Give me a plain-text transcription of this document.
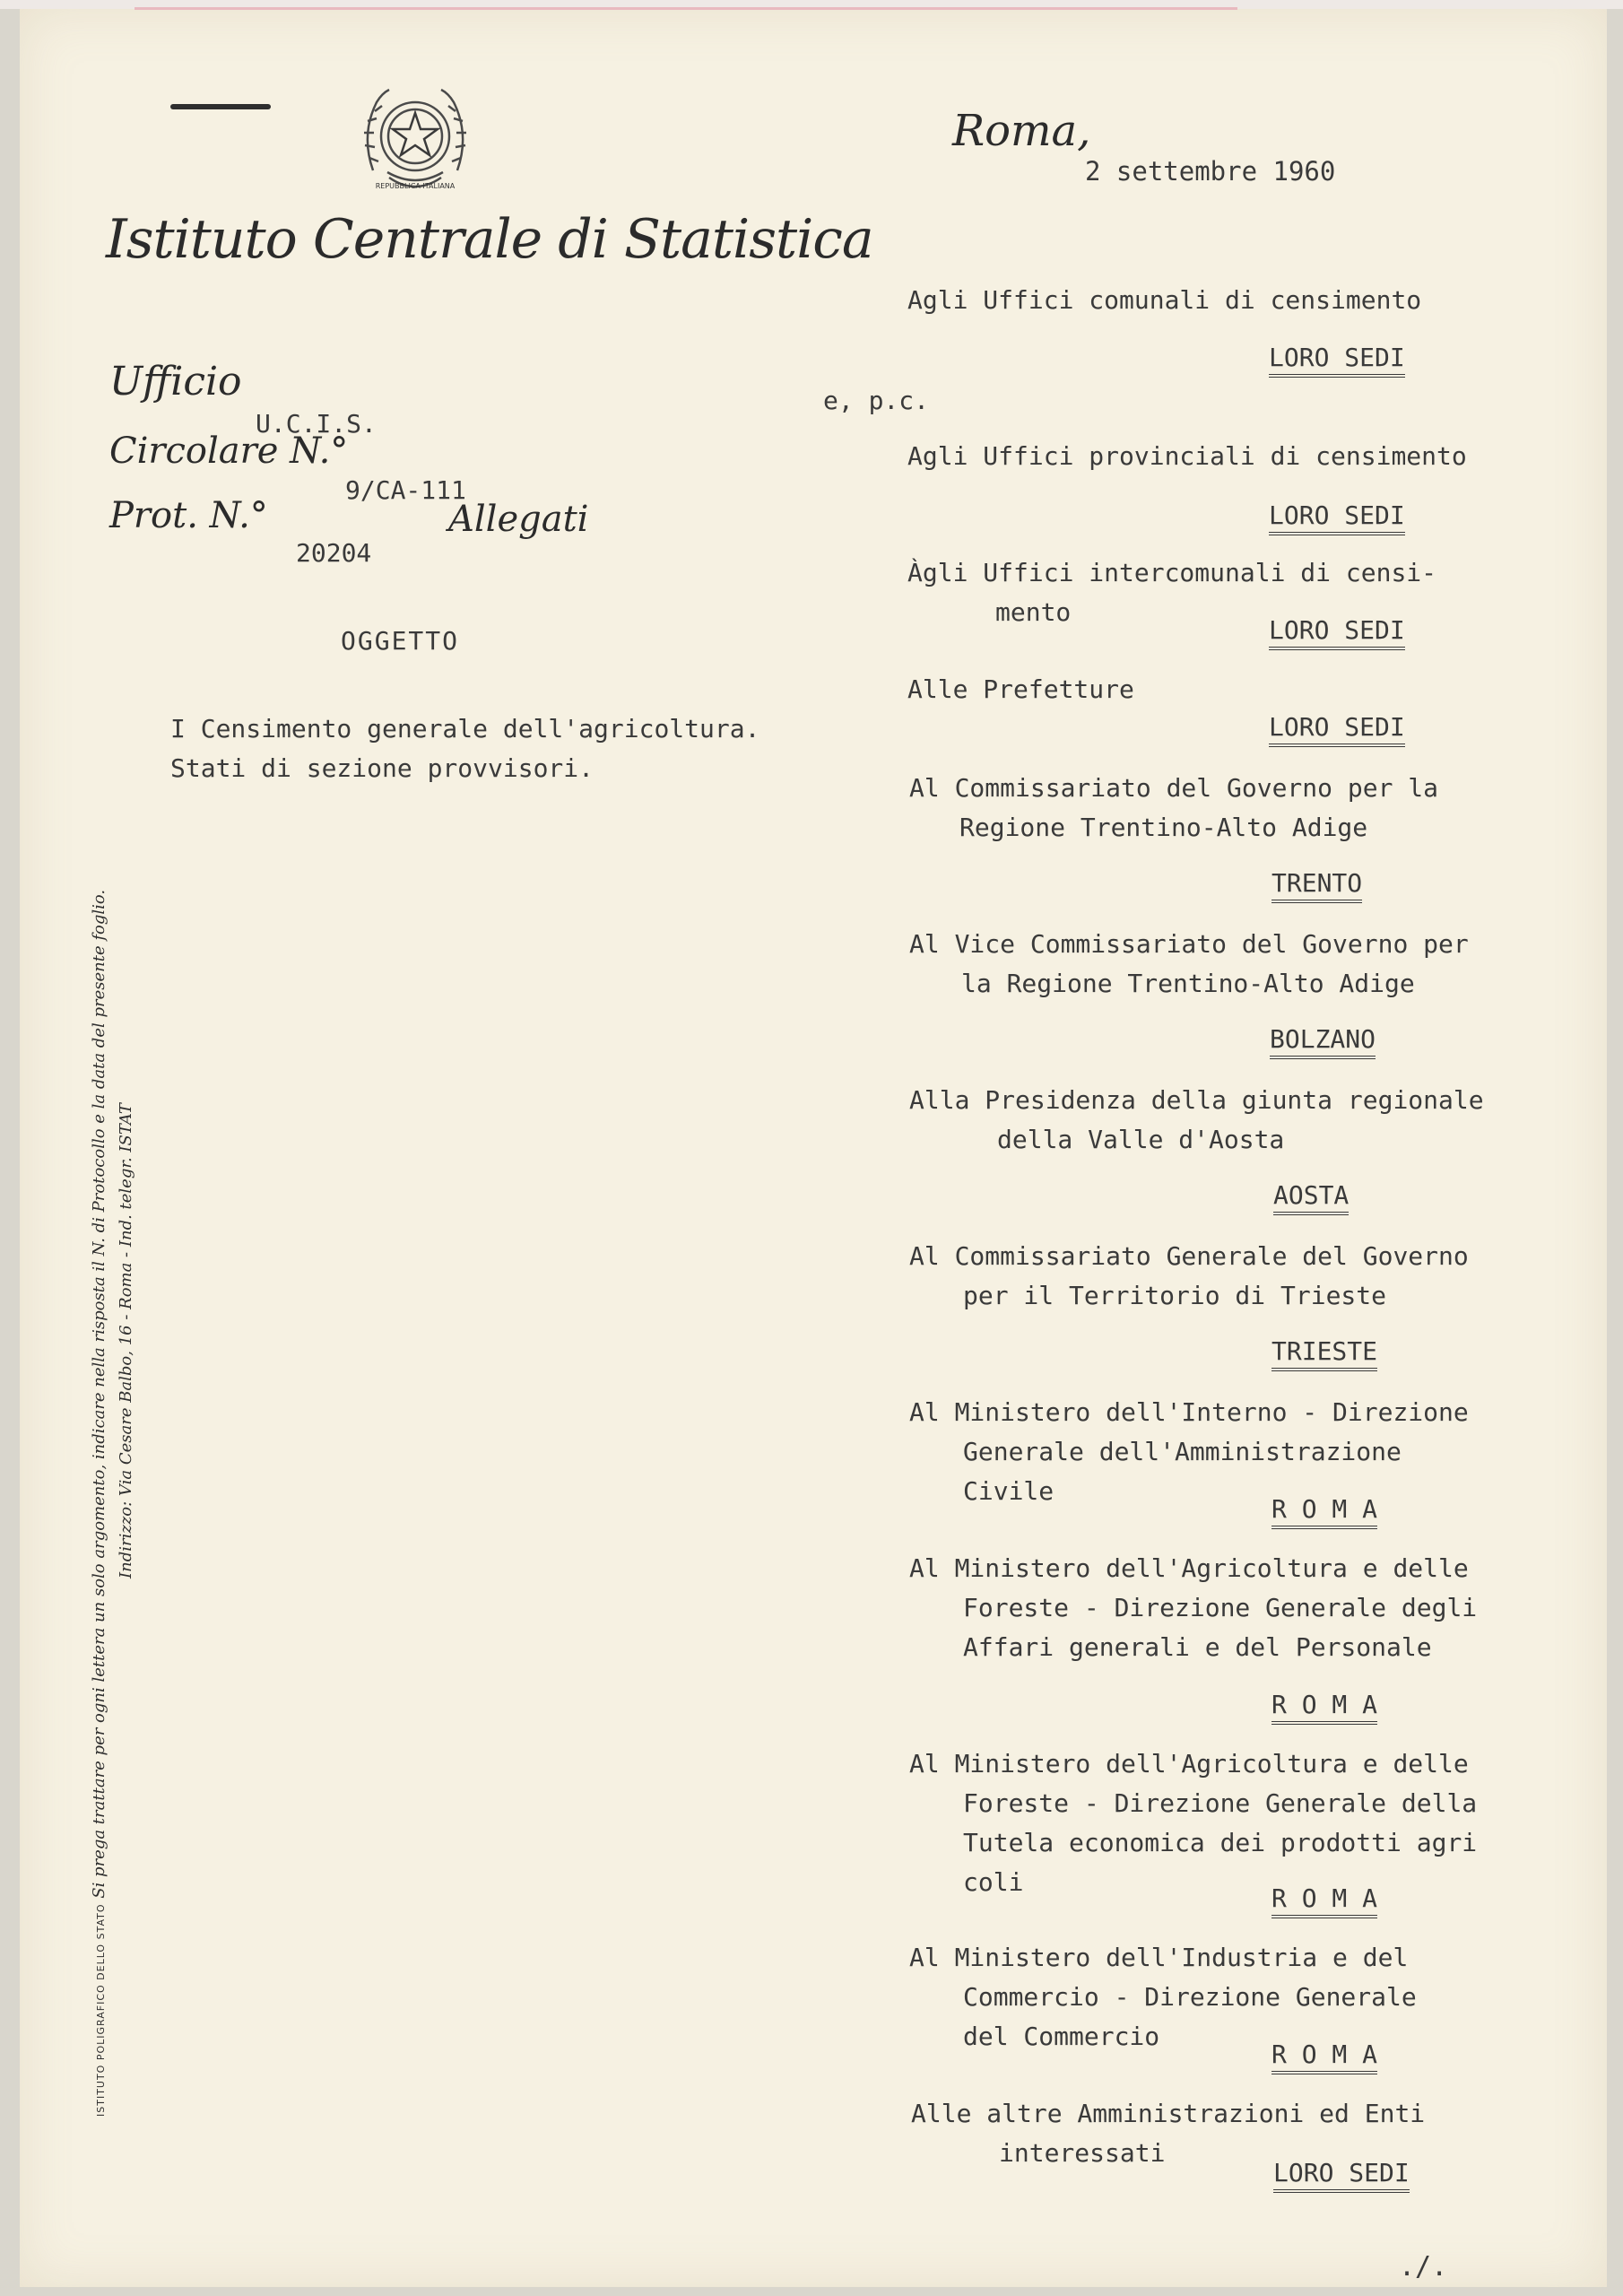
REPUBBLICA ITALIANA
Istituto Centrale di Statistica
Roma,
2 settembre 1960
Ufficio
U.C.I.S.
Circolare N.°
9/CA-111
Prot. N.°	Allegati
20204
OGGETTO
I Censimento generale dell'agricoltura.
Stati di sezione provvisori.
Agli Uffici comunali di censimento
LORO SEDI
e, p.c.
Agli Uffici provinciali di censimento
LORO SEDI
Àgli Uffici intercomunali di censi-
mento
LORO SEDI
Alle Prefetture
LORO SEDI
Al Commissariato del Governo per la
Regione Trentino-Alto Adige
TRENTO
Al Vice Commissariato del Governo per
la Regione Trentino-Alto Adige
BOLZANO
Alla Presidenza della giunta regionale
della Valle d'Aosta
AOSTA
Al Commissariato Generale del Governo
per il Territorio di Trieste
TRIESTE
Al Ministero dell'Interno - Direzione
Generale dell'Amministrazione
Civile
R O M A
Al Ministero dell'Agricoltura e delle
Foreste - Direzione Generale degli
Affari generali e del Personale
R O M A
Al Ministero dell'Agricoltura e delle
Foreste - Direzione Generale della
Tutela economica dei prodotti agri
coli
R O M A
Al Ministero dell'Industria e del
Commercio - Direzione Generale
del Commercio
R O M A
Alle altre Amministrazioni ed Enti
interessati
LORO SEDI
./.
ISTITUTO POLIGRAFICO DELLO STATO Si prega trattare per ogni lettera un solo argomento, indicare nella risposta il N. di Protocollo e la data del presente foglio. Indirizzo: Via Cesare Balbo, 16 - Roma - Ind. telegr. ISTAT
